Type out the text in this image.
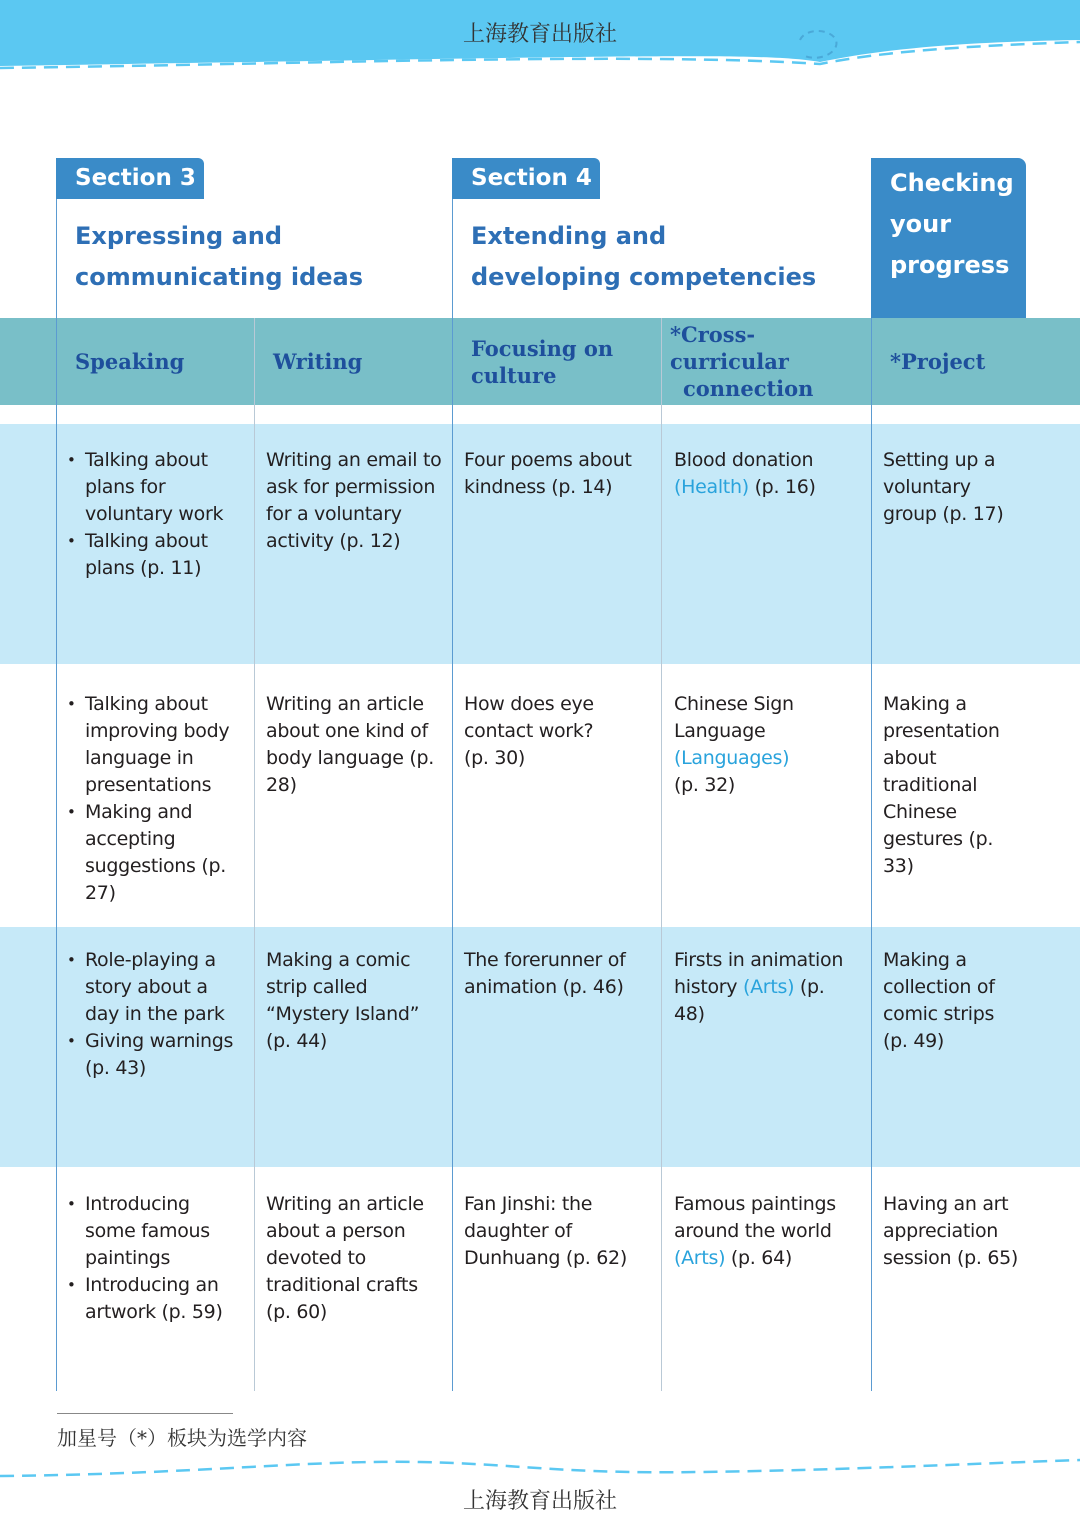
上海教育出版社
Section 3
Expressing and
communicating ideas
Section 4
Extending and
developing competencies
Checking
your
progress
Speaking	Writing
Focusing on
culture
*Cross-curricular
connection
*Project
• Talking about plans for voluntary work
• Talking about plans (p. 11)
Writing an email to ask for permission for a voluntary activity (p. 12)
Four poems about kindness (p. 14)
Blood donation (Health) (p. 16)
Setting up a voluntary group (p. 17)
• Talking about improving body language in presentations
• Making and accepting suggestions (p. 27)
Writing an article about one kind of body language (p. 28)
How does eye contact work? (p. 30)
Chinese Sign Language (Languages) (p. 32)
Making a presentation about traditional Chinese gestures (p. 33)
• Role-playing a story about a day in the park
• Giving warnings (p. 43)
Making a comic strip called “Mystery Island” (p. 44)
The forerunner of animation (p. 46)
Firsts in animation history (Arts) (p. 48)
Making a collection of comic strips (p. 49)
• Introducing some famous paintings
• Introducing an artwork (p. 59)
Writing an article about a person devoted to traditional crafts (p. 60)
Fan Jinshi: the daughter of Dunhuang (p. 62)
Famous paintings around the world (Arts) (p. 64)
Having an art appreciation session (p. 65)
加星号（*）板块为选学内容
上海教育出版社
